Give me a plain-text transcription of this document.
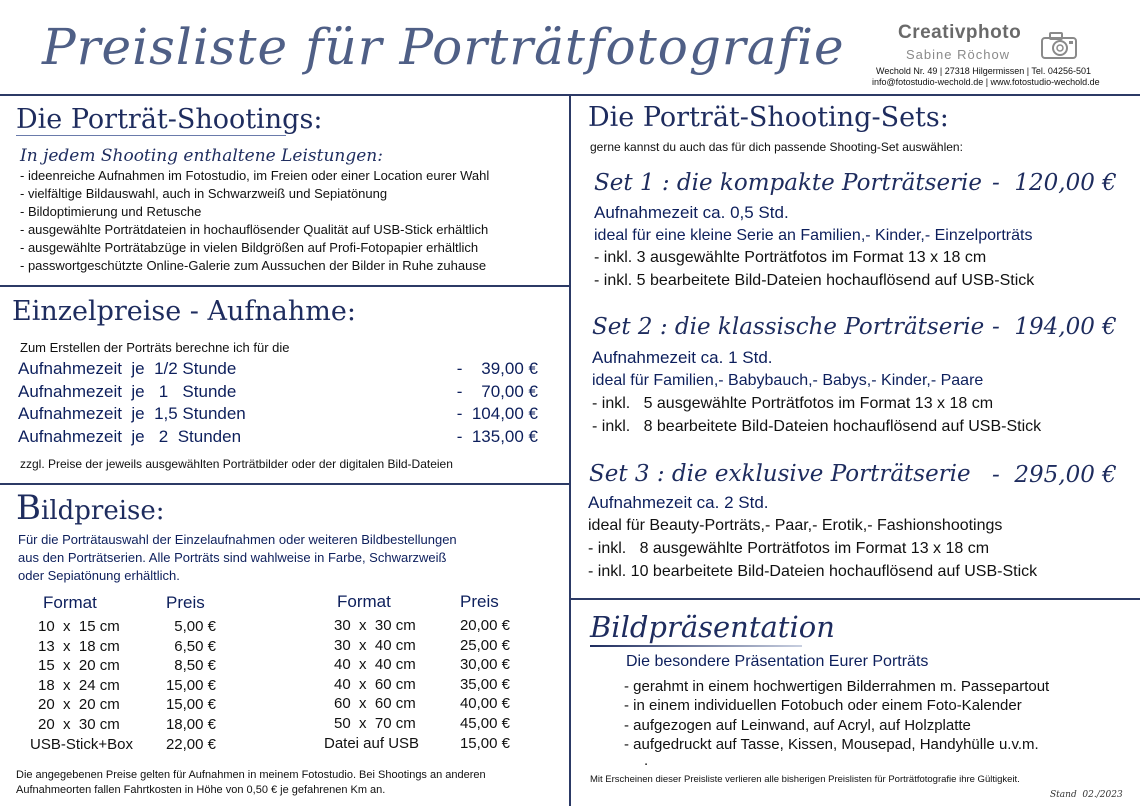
Preisliste für Porträtfotografie	Creativphoto
Sabine Röchow
Wechold Nr. 49 | 27318 Hilgermissen | Tel. 04256-501
info@fotostudio-wechold.de | www.fotostudio-wechold.de
Die Porträt-Shootings:
In jedem Shooting enthaltene Leistungen:
- ideenreiche Aufnahmen im Fotostudio, im Freien oder einer Location eurer Wahl
- vielfältige Bildauswahl, auch in Schwarzweiß und Sepiatönung
- Bildoptimierung und Retusche
- ausgewählte Porträtdateien in hochauflösender Qualität auf USB-Stick erhältlich
- ausgewählte Porträtabzüge in vielen Bildgrößen auf Profi-Fotopapier erhältlich
- passwortgeschützte Online-Galerie zum Aussuchen der Bilder in Ruhe zuhause
Einzelpreise - Aufnahme:
Zum Erstellen der Porträts berechne ich für die
Aufnahmezeit  je  1/2 Stunde	-    39,00 €
Aufnahmezeit  je   1   Stunde	-    70,00 €
Aufnahmezeit  je  1,5 Stunden	-  104,00 €
Aufnahmezeit  je   2  Stunden	-  135,00 €
zzgl. Preise der jeweils ausgewählten Porträtbilder oder der digitalen Bild-Dateien
Bildpreise:
Für die Porträtauswahl der Einzelaufnahmen oder weiteren Bildbestellungen
aus den Porträtserien. Alle Porträts sind wahlweise in Farbe, Schwarzweiß
oder Sepiatönung erhältlich.
Format	Preis
10  x  15 cm	5,00 €
13  x  18 cm	6,50 €
15  x  20 cm	8,50 €
18  x  24 cm	15,00 €
20  x  20 cm	15,00 €
20  x  30 cm	18,00 €
USB-Stick+Box 22,00 €
Format	Preis
30  x  30 cm	20,00 €
30  x  40 cm	25,00 €
40  x  40 cm	30,00 €
40  x  60 cm	35,00 €
60  x  60 cm	40,00 €
50  x  70 cm	45,00 €
Datei auf USB	15,00 €
Die angegebenen Preise gelten für Aufnahmen in meinem Fotostudio. Bei Shootings an anderen
Aufnahmeorten fallen Fahrtkosten in Höhe von 0,50 € je gefahrenen Km an.
Die Porträt-Shooting-Sets:
gerne kannst du auch das für dich passende Shooting-Set auswählen:
Set 1 : die kompakte Porträtserie -  120,00 €
Aufnahmezeit ca. 0,5 Std.
ideal für eine kleine Serie an Familien,- Kinder,- Einzelporträts
- inkl. 3 ausgewählte Porträtfotos im Format 13 x 18 cm
- inkl. 5 bearbeitete Bild-Dateien hochauflösend auf USB-Stick
Set 2 : die klassische Porträtserie -  194,00 €
Aufnahmezeit ca. 1 Std.
ideal für Familien,- Babybauch,- Babys,- Kinder,- Paare
- inkl.   5 ausgewählte Porträtfotos im Format 13 x 18 cm
- inkl.   8 bearbeitete Bild-Dateien hochauflösend auf USB-Stick
Set 3 : die exklusive Porträtserie -  295,00 €
Aufnahmezeit ca. 2 Std.
ideal für Beauty-Porträts,- Paar,- Erotik,- Fashionshootings
- inkl.   8 ausgewählte Porträtfotos im Format 13 x 18 cm
- inkl. 10 bearbeitete Bild-Dateien hochauflösend auf USB-Stick
Bildpräsentation
Die besondere Präsentation Eurer Porträts
- gerahmt in einem hochwertigen Bilderrahmen m. Passepartout
- in einem individuellen Fotobuch oder einem Foto-Kalender
- aufgezogen auf Leinwand, auf Acryl, auf Holzplatte
- aufgedruckt auf Tasse, Kissen, Mousepad, Handyhülle u.v.m.
.
Mit Erscheinen dieser Preisliste verlieren alle bisherigen Preislisten für Porträtfotografie ihre Gültigkeit.
Stand  02./2023
